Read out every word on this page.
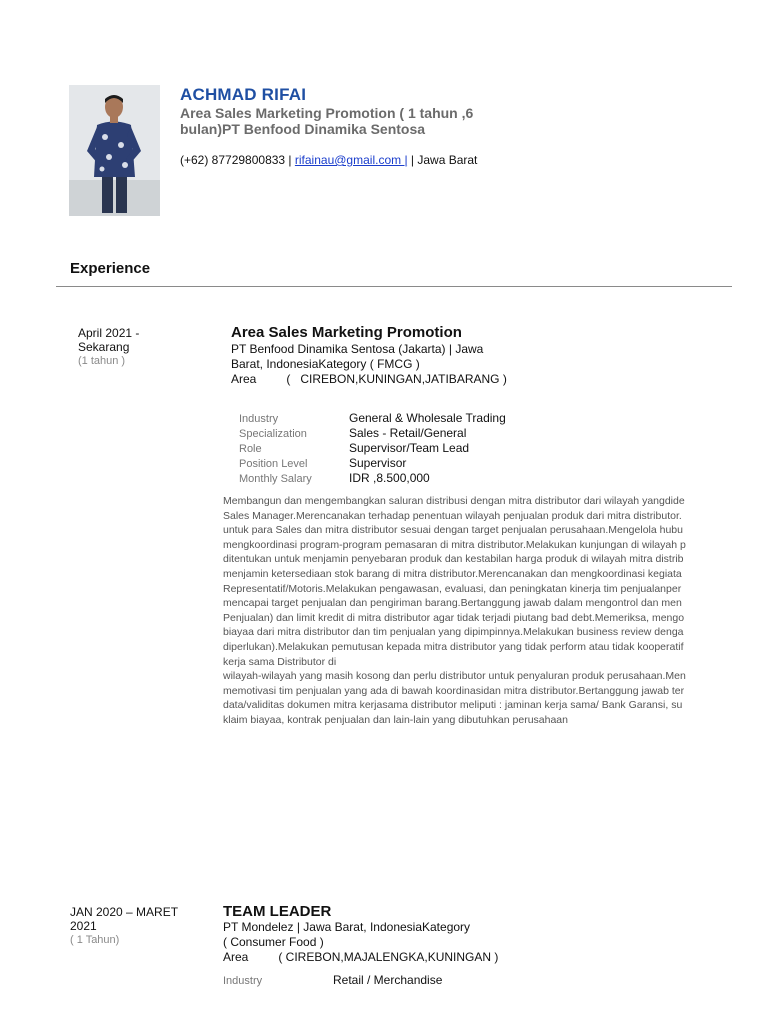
ACHMAD RIFAI
Area Sales Marketing Promotion ( 1 tahun ,6
bulan)PT Benfood Dinamika Sentosa
(+62) 87729800833 | rifainau@gmail.com | | Jawa Barat
Experience
April 2021 -
Sekarang
(1 tahun )
Area Sales Marketing Promotion
PT Benfood Dinamika Sentosa (Jakarta) | Jawa
Barat, IndonesiaKategory ( FMCG )
Area         (   CIREBON,KUNINGAN,JATIBARANG )
Industry	General & Wholesale Trading
Specialization	Sales - Retail/General
Role	Supervisor/Team Lead
Position Level	Supervisor
Monthly Salary	IDR ,8.500,000
Membangun dan mengembangkan saluran distribusi dengan mitra distributor dari wilayah yangdide
Sales Manager.Merencanakan terhadap penentuan wilayah penjualan produk dari mitra distributor.
untuk para Sales dan mitra distributor sesuai dengan target penjualan perusahaan.Mengelola hubu
mengkoordinasi program-program pemasaran di mitra distributor.Melakukan kunjungan di wilayah p
ditentukan untuk menjamin penyebaran produk dan kestabilan harga produk di wilayah mitra distrib
menjamin ketersediaan stok barang di mitra distributor.Merencanakan dan mengkoordinasi kegiata
Representatif/Motoris.Melakukan pengawasan, evaluasi, dan peningkatan kinerja tim penjualanper
mencapai target penjualan dan pengiriman barang.Bertanggung jawab dalam mengontrol dan men
Penjualan) dan limit kredit di mitra distributor agar tidak terjadi piutang bad debt.Memeriksa, mengo
biayaa dari mitra distributor dan tim penjualan yang dipimpinnya.Melakukan business review denga
diperlukan).Melakukan pemutusan kepada mitra distributor yang tidak perform atau tidak kooperatif
kerja sama Distributor di
wilayah-wilayah yang masih kosong dan perlu distributor untuk penyaluran produk perusahaan.Men
memotivasi tim penjualan yang ada di bawah koordinasidan mitra distributor.Bertanggung jawab ter
data/validitas dokumen mitra kerjasama distributor meliputi : jaminan kerja sama/ Bank Garansi, su
klaim biayaa, kontrak penjualan dan lain-lain yang dibutuhkan perusahaan
JAN 2020 – MARET
2021
( 1 Tahun)
TEAM LEADER
PT Mondelez | Jawa Barat, IndonesiaKategory
( Consumer Food )
Area         ( CIREBON,MAJALENGKA,KUNINGAN )
Industry	Retail / Merchandise
